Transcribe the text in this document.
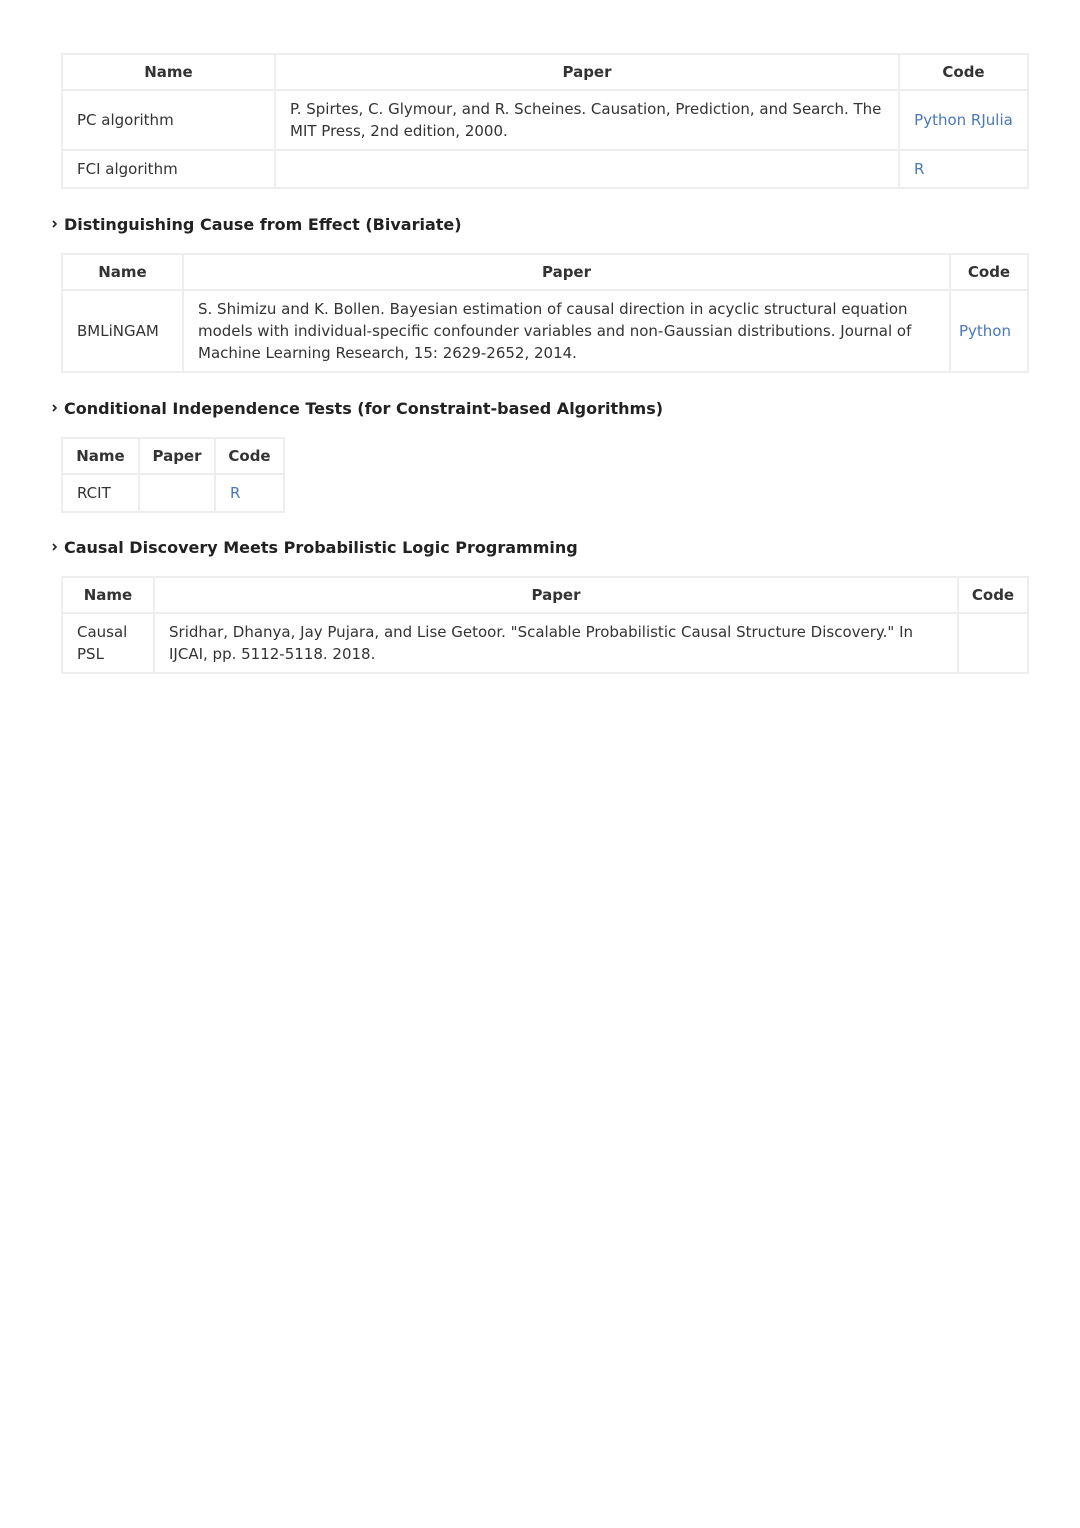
Name	Paper	Code
PC algorithm	P. Spirtes, C. Glymour, and R. Scheines. Causation, Prediction, and Search. The MIT Press, 2nd edition, 2000.	Python RJulia
FCI algorithm		R
Distinguishing Cause from Effect (Bivariate)
Name	Paper	Code
BMLiNGAM	S. Shimizu and K. Bollen. Bayesian estimation of causal direction in acyclic structural equation models with individual-specific confounder variables and non-Gaussian distributions. Journal of Machine Learning Research, 15: 2629-2652, 2014.	Python
Conditional Independence Tests (for Constraint-based Algorithms)
Name	Paper	Code
RCIT		R
Causal Discovery Meets Probabilistic Logic Programming
Name	Paper	Code
Causal PSL	Sridhar, Dhanya, Jay Pujara, and Lise Getoor. "Scalable Probabilistic Causal Structure Discovery." In IJCAI, pp. 5112-5118. 2018.	
